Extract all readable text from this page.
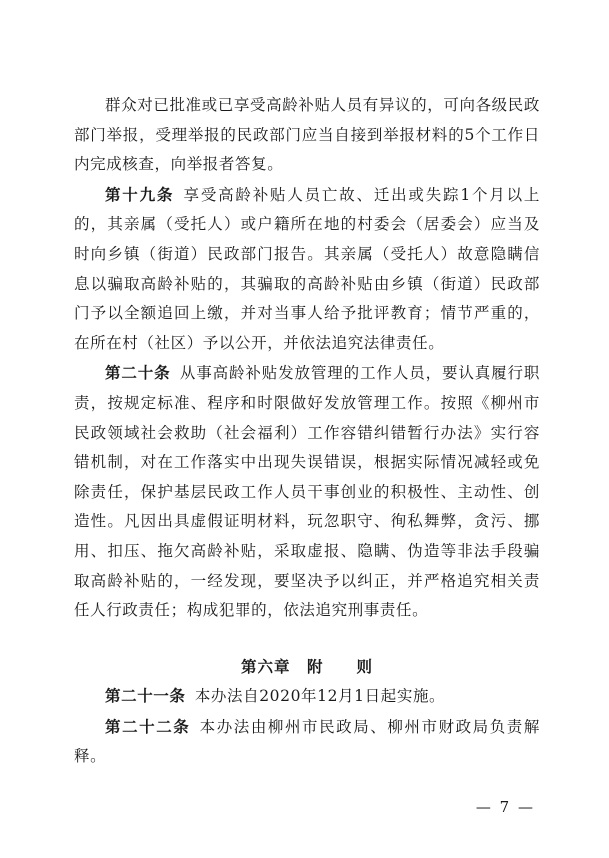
群众对已批准或已享受高龄补贴人员有异议的，可向各级民政部门举报，受理举报的民政部门应当自接到举报材料的5个工作日内完成核查，向举报者答复。

第十九条 享受高龄补贴人员亡故、迁出或失踪1个月以上的，其亲属（受托人）或户籍所在地的村委会（居委会）应当及时向乡镇（街道）民政部门报告。其亲属（受托人）故意隐瞒信息以骗取高龄补贴的，其骗取的高龄补贴由乡镇（街道）民政部门予以全额追回上缴，并对当事人给予批评教育；情节严重的，在所在村（社区）予以公开，并依法追究法律责任。

第二十条 从事高龄补贴发放管理的工作人员，要认真履行职责，按规定标准、程序和时限做好发放管理工作。按照《柳州市民政领域社会救助（社会福利）工作容错纠错暂行办法》实行容错机制，对在工作落实中出现失误错误，根据实际情况减轻或免除责任，保护基层民政工作人员干事创业的积极性、主动性、创造性。凡因出具虚假证明材料，玩忽职守、徇私舞弊，贪污、挪用、扣压、拖欠高龄补贴，采取虚报、隐瞒、伪造等非法手段骗取高龄补贴的，一经发现，要坚决予以纠正，并严格追究相关责任人行政责任；构成犯罪的，依法追究刑事责任。

第六章　附　　则

第二十一条 本办法自2020年12月1日起实施。

第二十二条 本办法由柳州市民政局、柳州市财政局负责解释。

— 7 —
